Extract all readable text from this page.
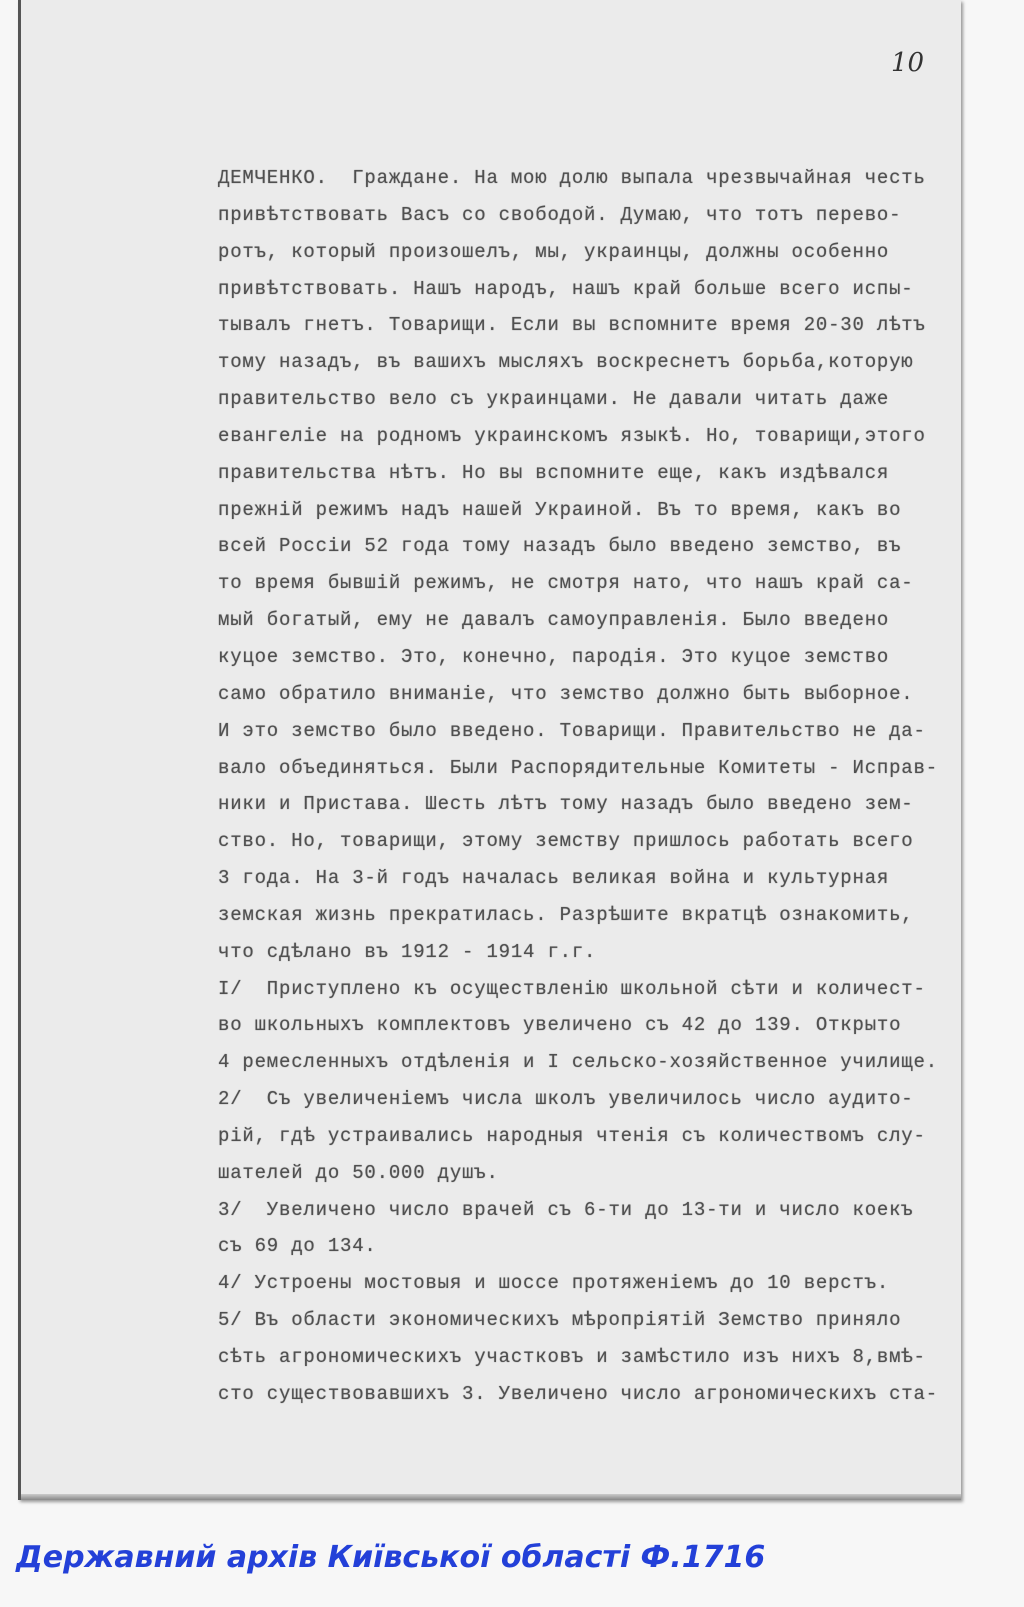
10
ДЕМЧЕНКО.  Граждане. На мою долю выпала чрезвычайная честь
привѣтствовать Васъ со свободой. Думаю, что тотъ перево-
ротъ, который произошелъ, мы, украинцы, должны особенно
привѣтствовать. Нашъ народъ, нашъ край больше всего испы-
тывалъ гнетъ. Товарищи. Если вы вспомните время 20-30 лѣтъ
тому назадъ, въ вашихъ мысляхъ воскреснетъ борьба,которую
правительство вело съ украинцами. Не давали читать даже
евангеліе на родномъ украинскомъ языкѣ. Но, товарищи,этого
правительства нѣтъ. Но вы вспомните еще, какъ издѣвался
прежній режимъ надъ нашей Украиной. Въ то время, какъ во
всей Россіи 52 года тому назадъ было введено земство, въ
то время бывшій режимъ, не смотря нато, что нашъ край са-
мый богатый, ему не давалъ самоуправленія. Было введено
куцое земство. Это, конечно, пародія. Это куцое земство
само обратило вниманіе, что земство должно быть выборное.
И это земство было введено. Товарищи. Правительство не да-
вало объединяться. Были Распорядительные Комитеты - Исправ-
ники и Пристава. Шесть лѣтъ тому назадъ было введено зем-
ство. Но, товарищи, этому земству пришлось работать всего
3 года. На 3-й годъ началась великая война и культурная
земская жизнь прекратилась. Разрѣшите вкратцѣ ознакомить,
что сдѣлано въ 1912 - 1914 г.г.
I/  Приступлено къ осуществленію школьной сѣти и количест-
во школьныхъ комплектовъ увеличено съ 42 до 139. Открыто
4 ремесленныхъ отдѣленія и I сельско-хозяйственное училище.
2/  Съ увеличеніемъ числа школъ увеличилось число аудито-
рій, гдѣ устраивались народныя чтенія съ количествомъ слу-
шателей до 50.000 душъ.
3/  Увеличено число врачей съ 6-ти до 13-ти и число коекъ
съ 69 до 134.
4/ Устроены мостовыя и шоссе протяженіемъ до 10 верстъ.
5/ Въ области экономическихъ мѣропріятій Земство приняло
сѣть агрономическихъ участковъ и замѣстило изъ нихъ 8,вмѣ-
сто существовавшихъ 3. Увеличено число агрономическихъ ста-
Державний архів Київської області Ф.1716
